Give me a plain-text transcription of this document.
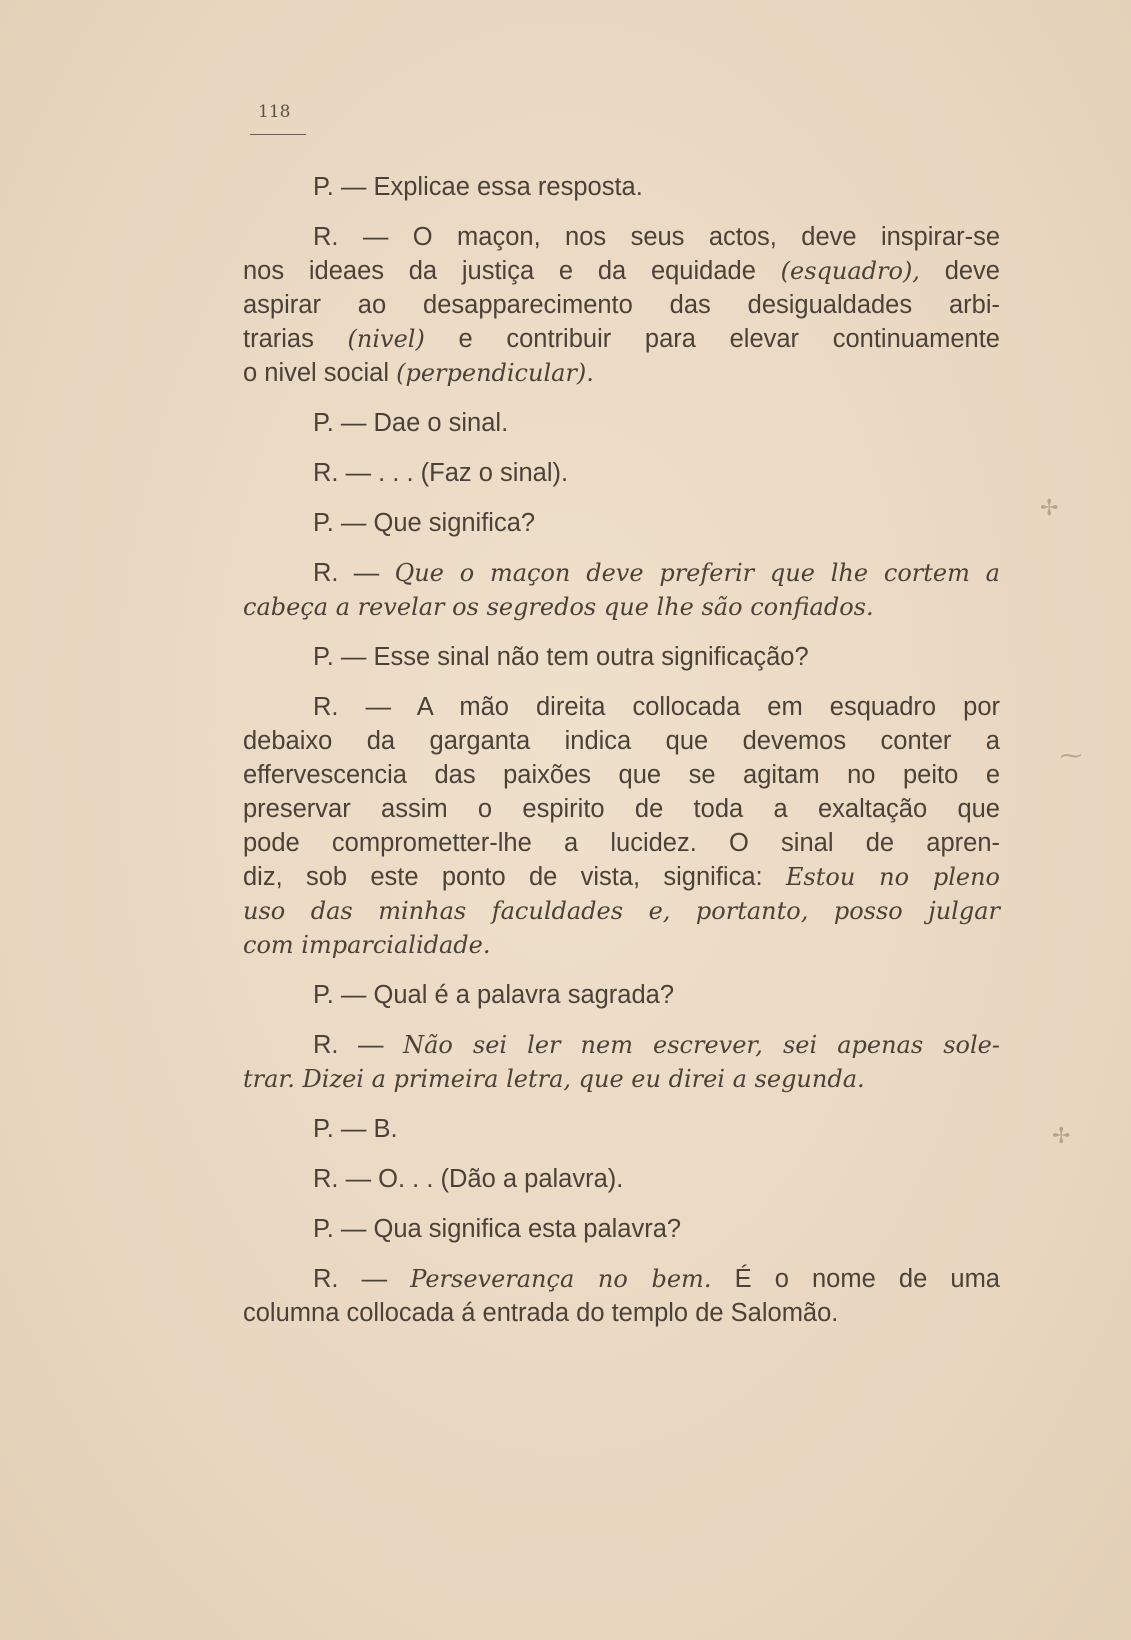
118

P. — Explicae essa resposta.

R. — O maçon, nos seus actos, deve inspirar-se
nos ideaes da justiça e da equidade (esquadro), deve
aspirar ao desapparecimento das desigualdades arbi-
trarias (nivel) e contribuir para elevar continuamente
o nivel social (perpendicular).

P. — Dae o sinal.

R. — . . . (Faz o sinal).

P. — Que significa?

R. — Que o maçon deve preferir que lhe cortem a
cabeça a revelar os segredos que lhe são confiados.

P. — Esse sinal não tem outra significação?

R. — A mão direita collocada em esquadro por
debaixo da garganta indica que devemos conter a
effervescencia das paixões que se agitam no peito e
preservar assim o espirito de toda a exaltação que
pode comprometter-lhe a lucidez. O sinal de apren-
diz, sob este ponto de vista, significa: Estou no pleno
uso das minhas faculdades e, portanto, posso julgar
com imparcialidade.

P. — Qual é a palavra sagrada?

R. — Não sei ler nem escrever, sei apenas sole-
trar. Dizei a primeira letra, que eu direi a segunda.

P. — B.

R. — O. . . (Dão a palavra).

P. — Qua significa esta palavra?

R. — Perseverança no bem. É o nome de uma
columna collocada á entrada do templo de Salomão.

✢
⁓
✢
